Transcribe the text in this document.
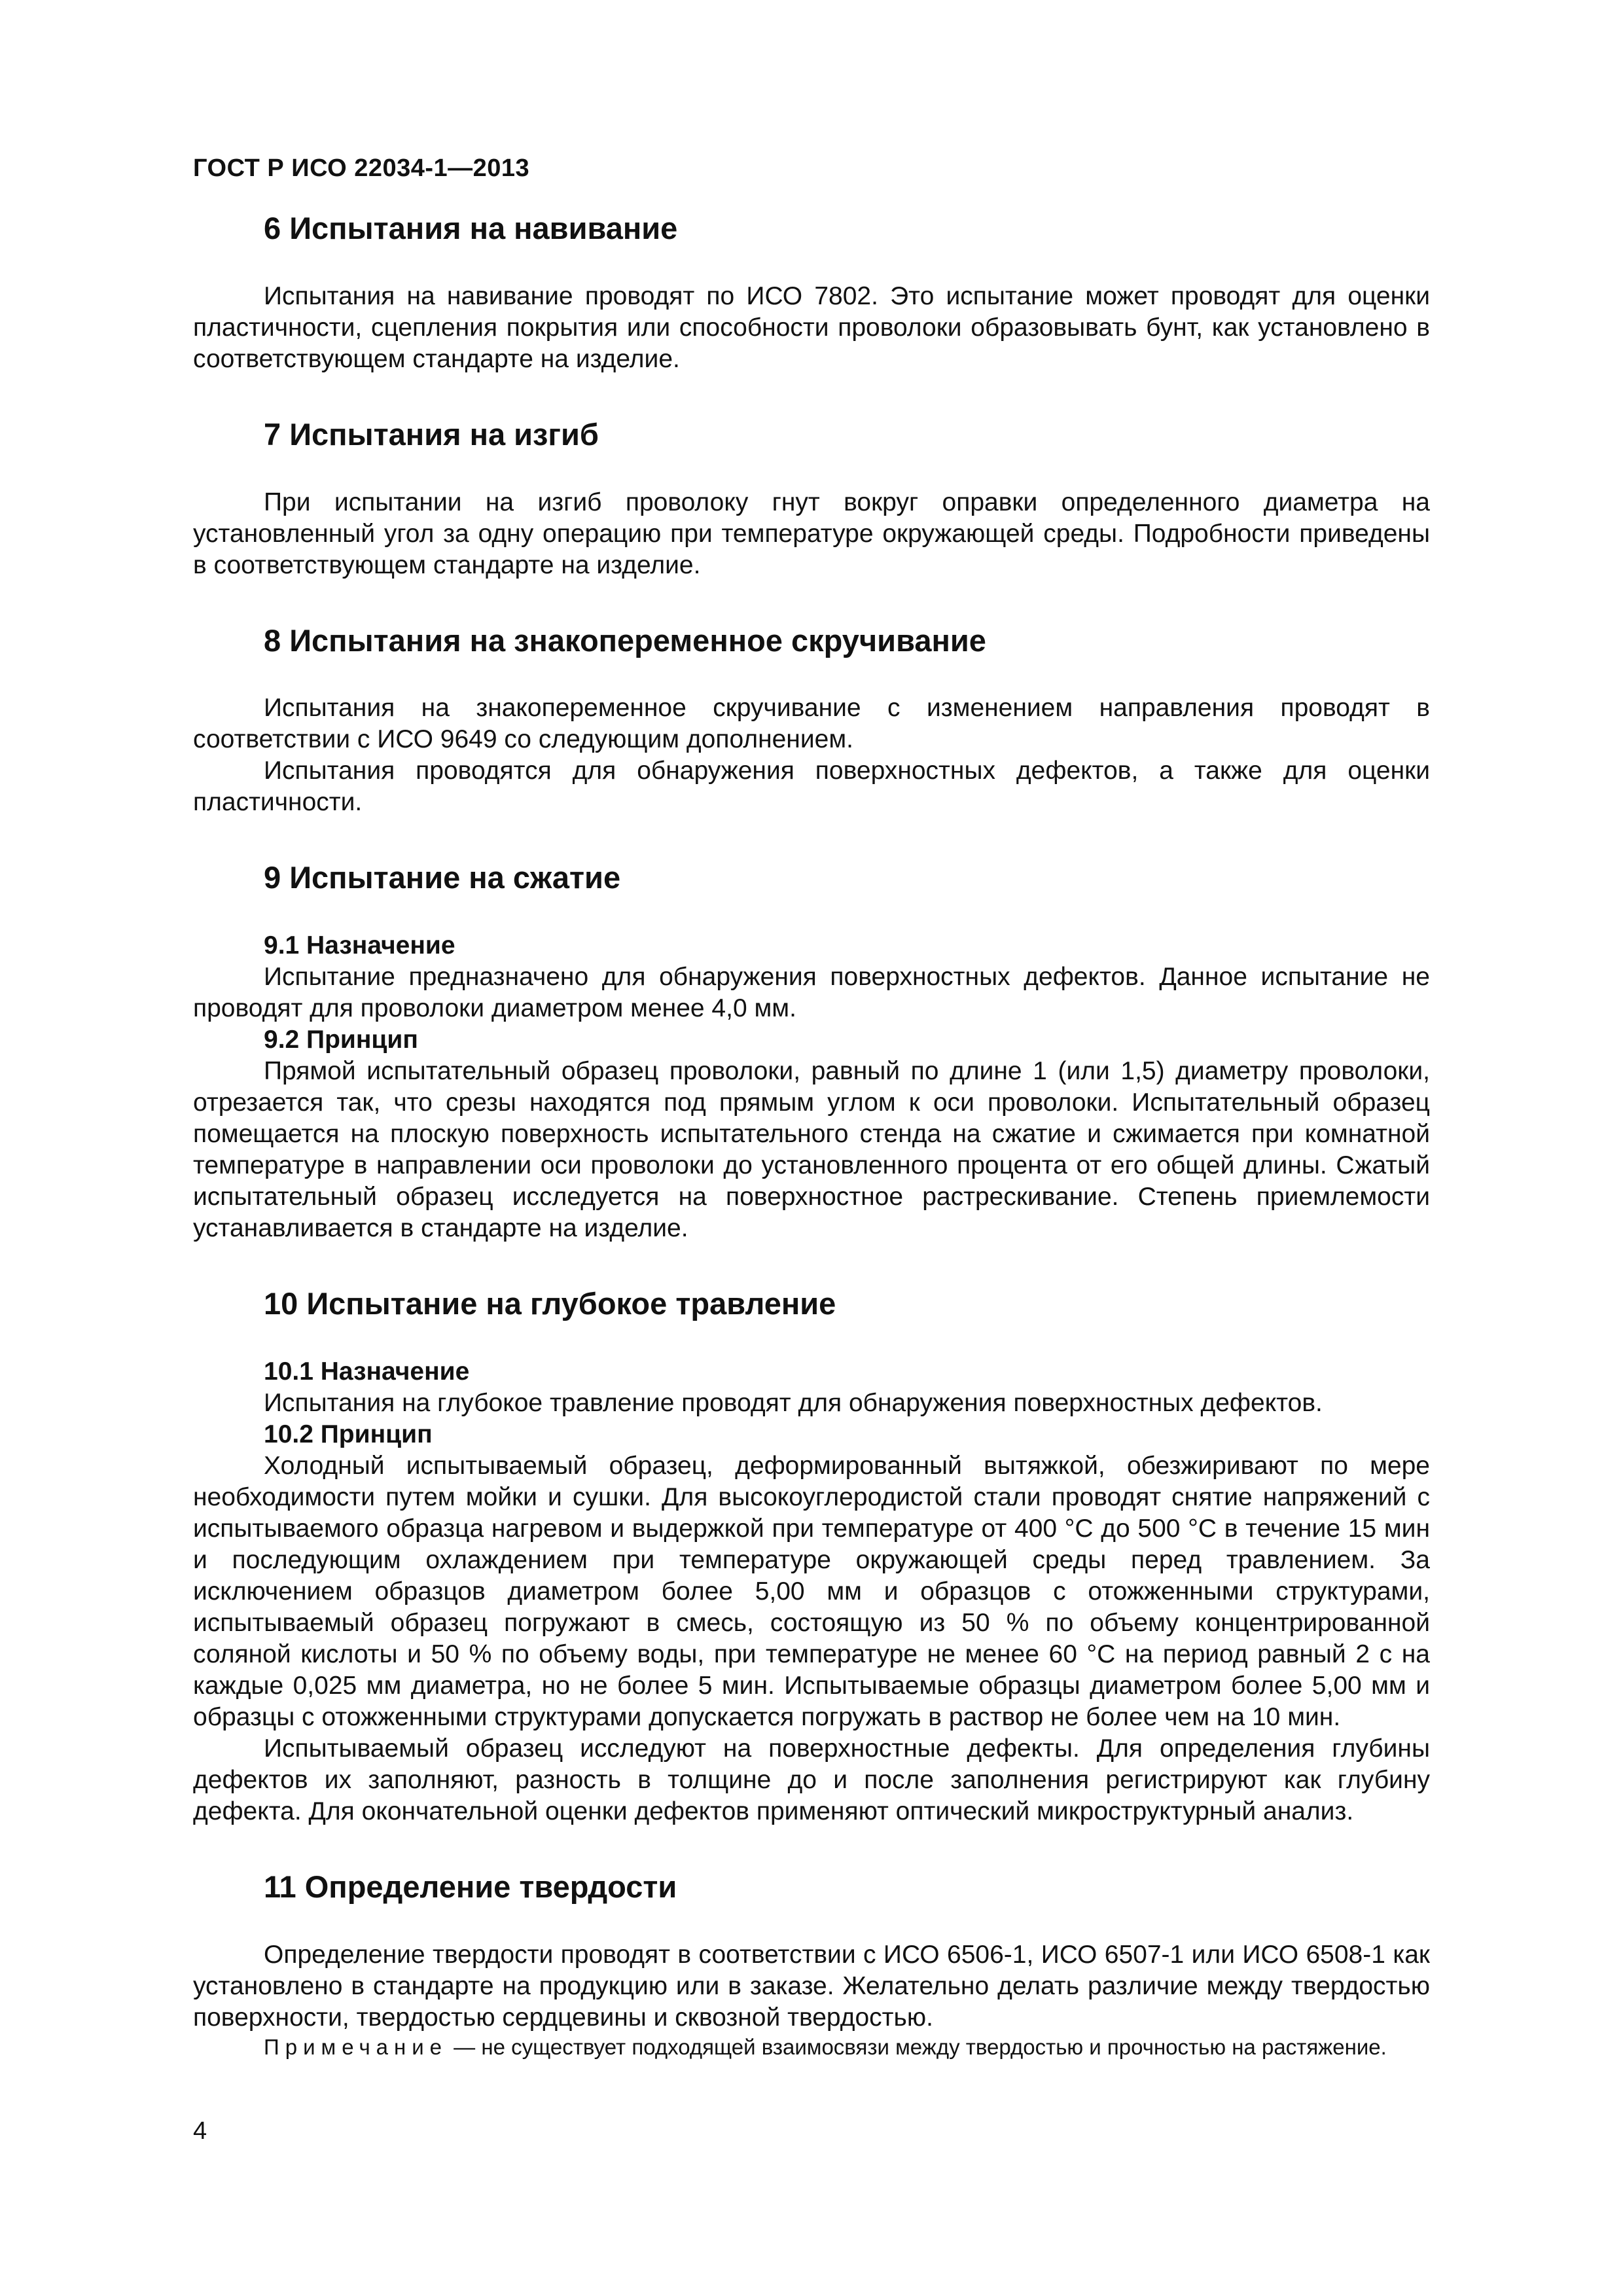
ГОСТ Р ИСО 22034-1—2013
6 Испытания на навивание

Испытания на навивание проводят по ИСО 7802. Это испытание может проводят для оценки пластичности, сцепления покрытия или способности проволоки образовывать бунт, как установлено в соответствующем стандарте на изделие.

7 Испытания на изгиб

При испытании на изгиб проволоку гнут вокруг оправки определенного диаметра на установленный угол за одну операцию при температуре окружающей среды. Подробности приведены в соответствующем стандарте на изделие.

8 Испытания на знакопеременное скручивание

Испытания на знакопеременное скручивание с изменением направления проводят в соответствии с ИСО 9649 со следующим дополнением.

Испытания проводятся для обнаружения поверхностных дефектов, а также для оценки пластичности.

9 Испытание на сжатие
9.1 Назначение

Испытание предназначено для обнаружения поверхностных дефектов. Данное испытание не проводят для проволоки диаметром менее 4,0 мм.

9.2 Принцип

Прямой испытательный образец проволоки, равный по длине 1 (или 1,5) диаметру проволоки, отрезается так, что срезы находятся под прямым углом к оси проволоки. Испытательный образец помещается на плоскую поверхность испытательного стенда на сжатие и сжимается при комнатной температуре в направлении оси проволоки до установленного процента от его общей длины. Сжатый испытательный образец исследуется на поверхностное растрескивание. Степень приемлемости устанавливается в стандарте на изделие.

10 Испытание на глубокое травление
10.1 Назначение

Испытания на глубокое травление проводят для обнаружения поверхностных дефектов.

10.2 Принцип

Холодный испытываемый образец, деформированный вытяжкой, обезжиривают по мере необходимости путем мойки и сушки. Для высокоуглеродистой стали проводят снятие напряжений с испытываемого образца нагревом и выдержкой при температуре от 400 °С до 500 °С в течение 15 мин и последующим охлаждением при температуре окружающей среды перед травлением. За исключением образцов диаметром более 5,00 мм и образцов с отожженными структурами, испытываемый образец погружают в смесь, состоящую из 50 % по объему концентрированной соляной кислоты и 50 % по объему воды, при температуре не менее 60 °С на период равный 2 с на каждые 0,025 мм диаметра, но не более 5 мин. Испытываемые образцы диаметром более 5,00 мм и образцы с отожженными структурами допускается погружать в раствор не более чем на 10 мин.

Испытываемый образец исследуют на поверхностные дефекты. Для определения глубины дефектов их заполняют, разность в толщине до и после заполнения регистрируют как глубину дефекта. Для окончательной оценки дефектов применяют оптический микроструктурный анализ.

11 Определение твердости

Определение твердости проводят в соответствии с ИСО 6506-1, ИСО 6507-1 или ИСО 6508-1 как установлено в стандарте на продукцию или в заказе. Желательно делать различие между твердостью поверхности, твердостью сердцевины и сквозной твердостью.

Примечание — не существует подходящей взаимосвязи между твердостью и прочностью на растяжение.

4
